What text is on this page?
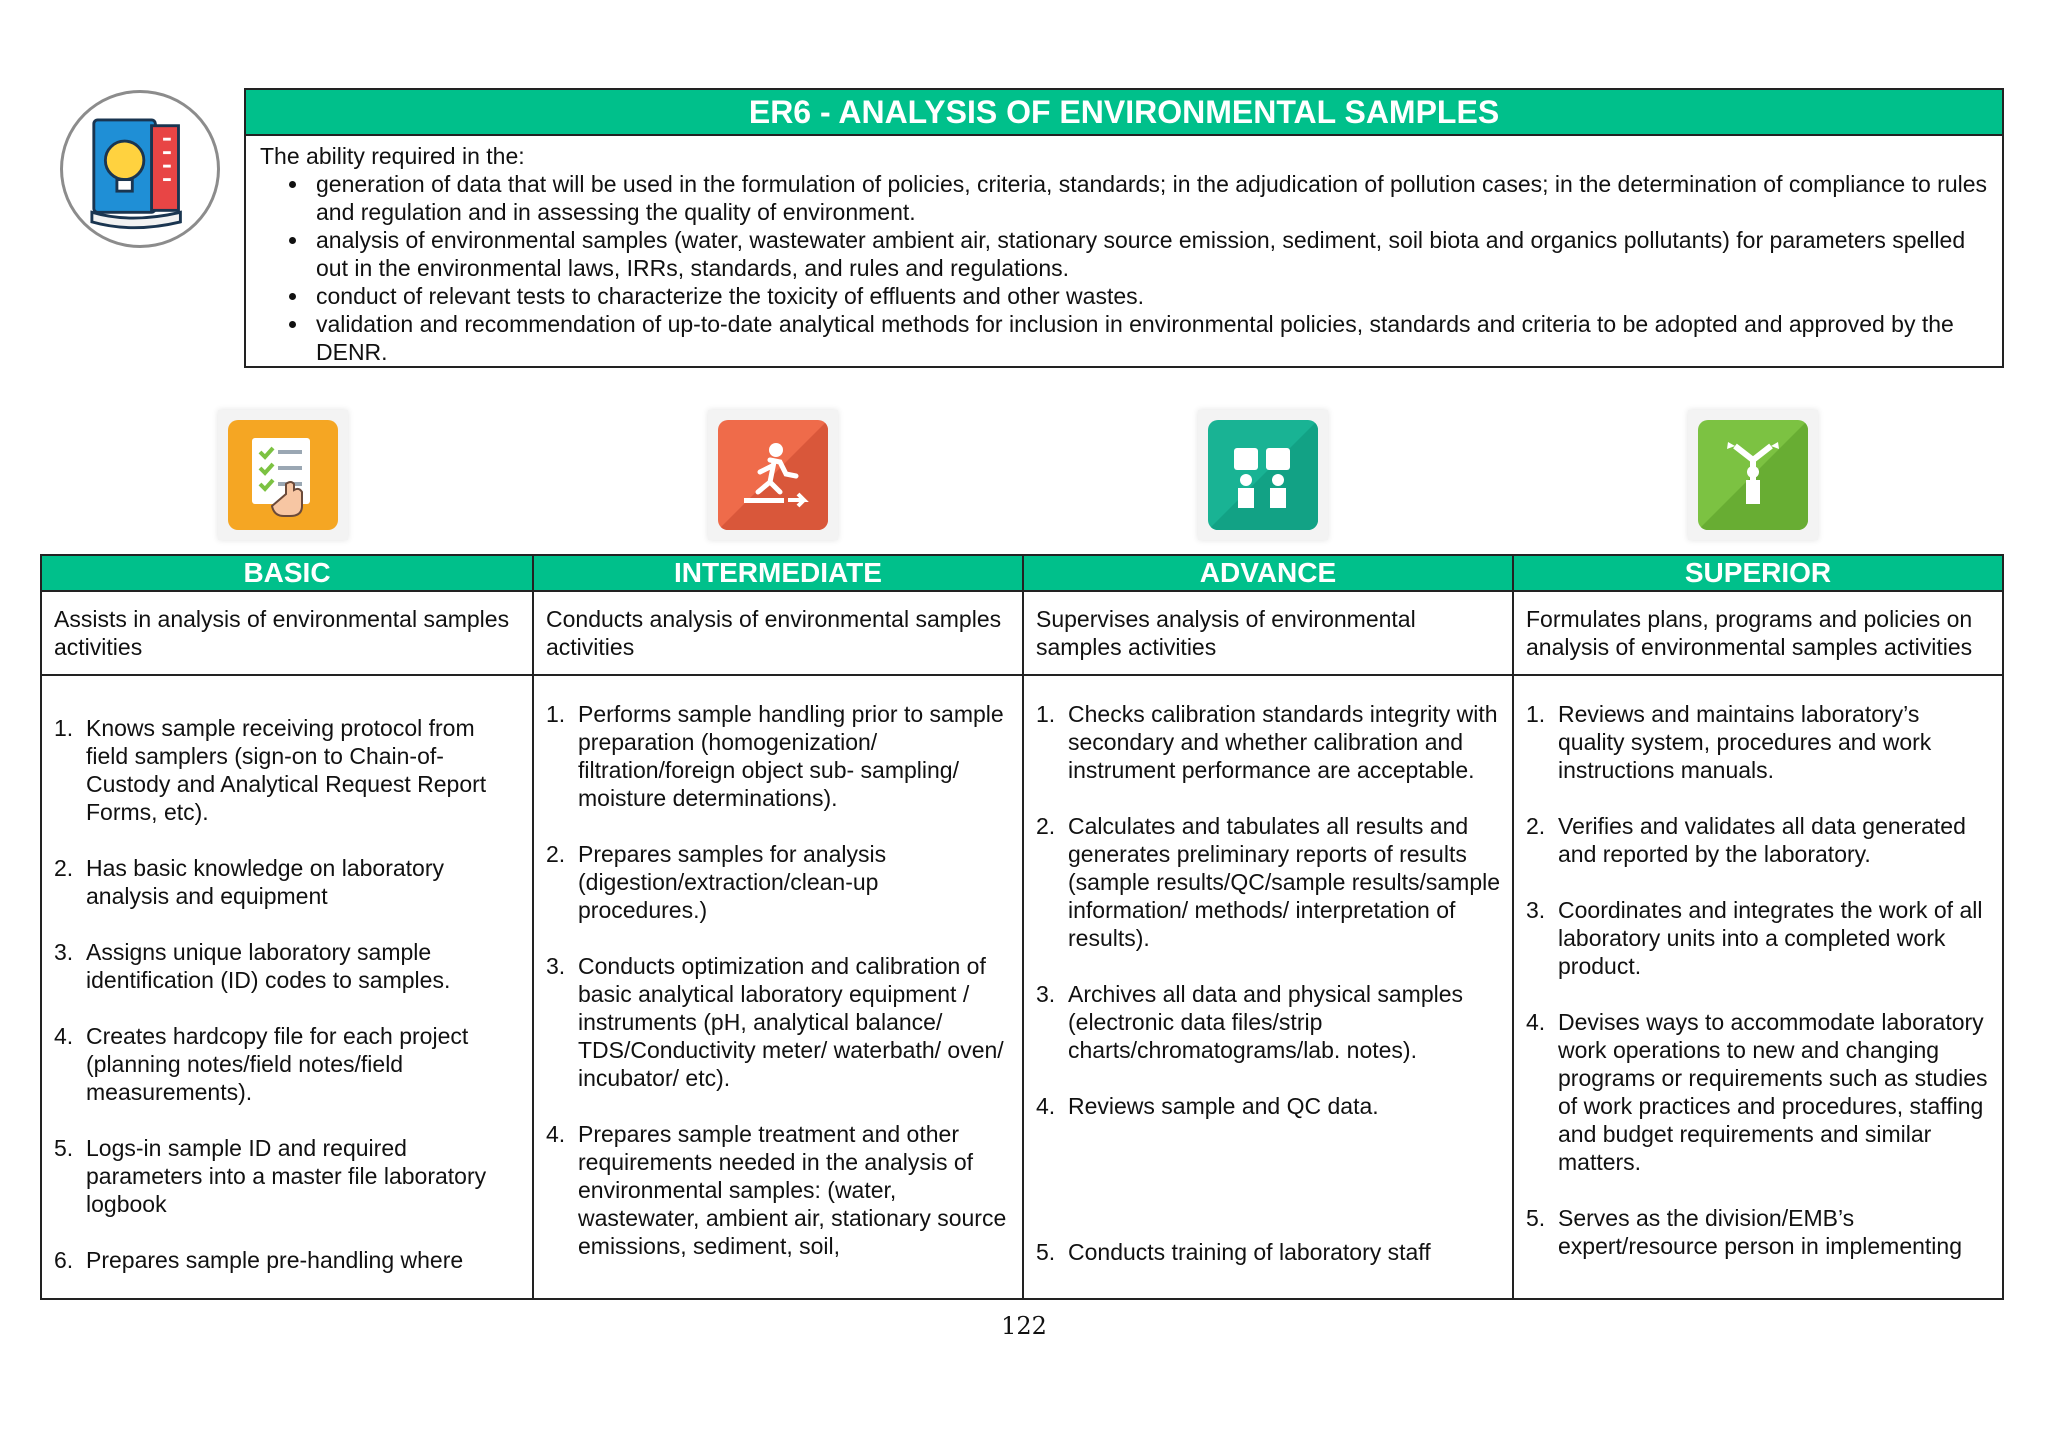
ER6 - ANALYSIS OF ENVIRONMENTAL SAMPLES
The ability required in the:
• generation of data that will be used in the formulation of policies, criteria, standards; in the adjudication of pollution cases; in the determination of compliance to rules and regulation and in assessing the quality of environment.
• analysis of environmental samples (water, wastewater ambient air, stationary source emission, sediment, soil biota and organics pollutants) for parameters spelled out in the environmental laws, IRRs, standards, and rules and regulations.
• conduct of relevant tests to characterize the toxicity of effluents and other wastes.
• validation and recommendation of up-to-date analytical methods for inclusion in environmental policies, standards and criteria to be adopted and approved by the DENR.
BASIC
Assists in analysis of environmental samples activities
1. Knows sample receiving protocol from field samplers (sign-on to Chain-of-Custody and Analytical Request Report Forms, etc).
2. Has basic knowledge on laboratory analysis and equipment
3. Assigns unique laboratory sample identification (ID) codes to samples.
4. Creates hardcopy file for each project (planning notes/field notes/field measurements).
5. Logs-in sample ID and required parameters into a master file laboratory logbook
6. Prepares sample pre-handling where
INTERMEDIATE
Conducts analysis of environmental samples activities
1. Performs sample handling prior to sample preparation (homogenization/ filtration/foreign object sub- sampling/ moisture determinations).
2. Prepares samples for analysis (digestion/extraction/clean-up procedures.)
3. Conducts optimization and calibration of basic analytical laboratory equipment / instruments (pH, analytical balance/ TDS/Conductivity meter/ waterbath/ oven/ incubator/ etc).
4. Prepares sample treatment and other requirements needed in the analysis of environmental samples: (water, wastewater, ambient air, stationary source emissions, sediment, soil,
ADVANCE
Supervises analysis of environmental samples activities
1. Checks calibration standards integrity with secondary and whether calibration and instrument performance are acceptable.
2. Calculates and tabulates all results and generates preliminary reports of results (sample results/QC/sample results/sample information/ methods/ interpretation of results).
3. Archives all data and physical samples (electronic data files/strip charts/chromatograms/lab. notes).
4. Reviews sample and QC data.
5. Conducts training of laboratory staff
SUPERIOR
Formulates plans, programs and policies on analysis of environmental samples activities
1. Reviews and maintains laboratory’s quality system, procedures and work instructions manuals.
2. Verifies and validates all data generated and reported by the laboratory.
3. Coordinates and integrates the work of all laboratory units into a completed work product.
4. Devises ways to accommodate laboratory work operations to new and changing programs or requirements such as studies of work practices and procedures, staffing and budget requirements and similar matters.
5. Serves as the division/EMB’s expert/resource person in implementing
122
